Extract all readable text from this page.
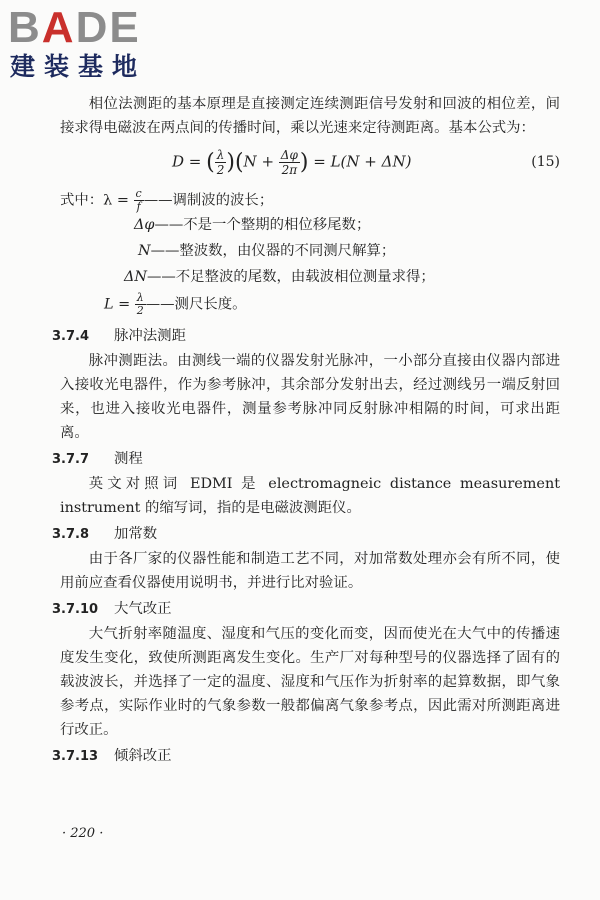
BADE
建装基地

相位法测距的基本原理是直接测定连续测距信号发射和回波的相位差，间接求得电磁波在两点间的传播时间，乘以光速来定待测距离。基本公式为：

D = ( $\frac{\lambda}{2} )(N + \frac{\Delta\varphi}{2\pi}$ ) = L(N + ΔN)	(15)
式中：$\lambda = \frac{c}{f}$ ——调制波的波长；
Δφ——不是一个整期的相位移尾数；
N——整波数，由仪器的不同测尺解算；
ΔN——不足整波的尾数，由载波相位测量求得；
$L = \frac{\lambda}{2}$ ——测尺长度。
3.7.4 脉冲法测距

脉冲测距法。由测线一端的仪器发射光脉冲，一小部分直接由仪器内部进入接收光电器件，作为参考脉冲，其余部分发射出去，经过测线另一端反射回来，也进入接收光电器件，测量参考脉冲同反射脉冲相隔的时间，可求出距离。

3.7.7 测程

英文对照词 EDMI 是 electromagneic distance measurement instrument 的缩写词，指的是电磁波测距仪。

3.7.8 加常数

由于各厂家的仪器性能和制造工艺不同，对加常数处理亦会有所不同，使用前应查看仪器使用说明书，并进行比对验证。

3.7.10 大气改正

大气折射率随温度、湿度和气压的变化而变，因而使光在大气中的传播速度发生变化，致使所测距离发生变化。生产厂对每种型号的仪器选择了固有的载波波长，并选择了一定的温度、湿度和气压作为折射率的起算数据，即气象参考点，实际作业时的气象参数一般都偏离气象参考点，因此需对所测距离进行改正。

3.7.13 倾斜改正
· 220 ·
